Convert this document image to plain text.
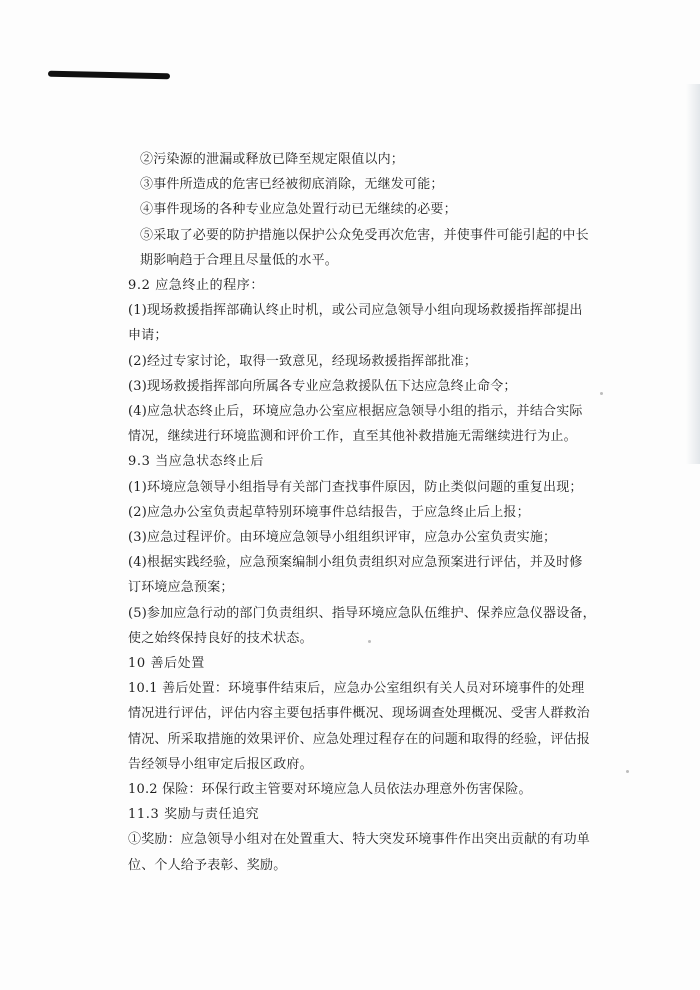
②污染源的泄漏或释放已降至规定限值以内；
③事件所造成的危害已经被彻底消除，无继发可能；
④事件现场的各种专业应急处置行动已无继续的必要；
⑤采取了必要的防护措施以保护公众免受再次危害，并使事件可能引起的中长
期影响趋于合理且尽量低的水平。
9.2 应急终止的程序：
(1)现场救援指挥部确认终止时机，或公司应急领导小组向现场救援指挥部提出
申请；
(2)经过专家讨论，取得一致意见，经现场救援指挥部批准；
(3)现场救援指挥部向所属各专业应急救援队伍下达应急终止命令；
(4)应急状态终止后，环境应急办公室应根据应急领导小组的指示，并结合实际
情况，继续进行环境监测和评价工作，直至其他补救措施无需继续进行为止。
9.3 当应急状态终止后
(1)环境应急领导小组指导有关部门查找事件原因，防止类似问题的重复出现；
(2)应急办公室负责起草特别环境事件总结报告，于应急终止后上报；
(3)应急过程评价。由环境应急领导小组组织评审，应急办公室负责实施；
(4)根据实践经验，应急预案编制小组负责组织对应急预案进行评估，并及时修
订环境应急预案；
(5)参加应急行动的部门负责组织、指导环境应急队伍维护、保养应急仪器设备，
使之始终保持良好的技术状态。
10 善后处置
10.1 善后处置：环境事件结束后，应急办公室组织有关人员对环境事件的处理
情况进行评估，评估内容主要包括事件概况、现场调查处理概况、受害人群救治
情况、所采取措施的效果评价、应急处理过程存在的问题和取得的经验，评估报
告经领导小组审定后报区政府。
10.2 保险：环保行政主管要对环境应急人员依法办理意外伤害保险。
11.3 奖励与责任追究
①奖励：应急领导小组对在处置重大、特大突发环境事件作出突出贡献的有功单
位、个人给予表彰、奖励。
